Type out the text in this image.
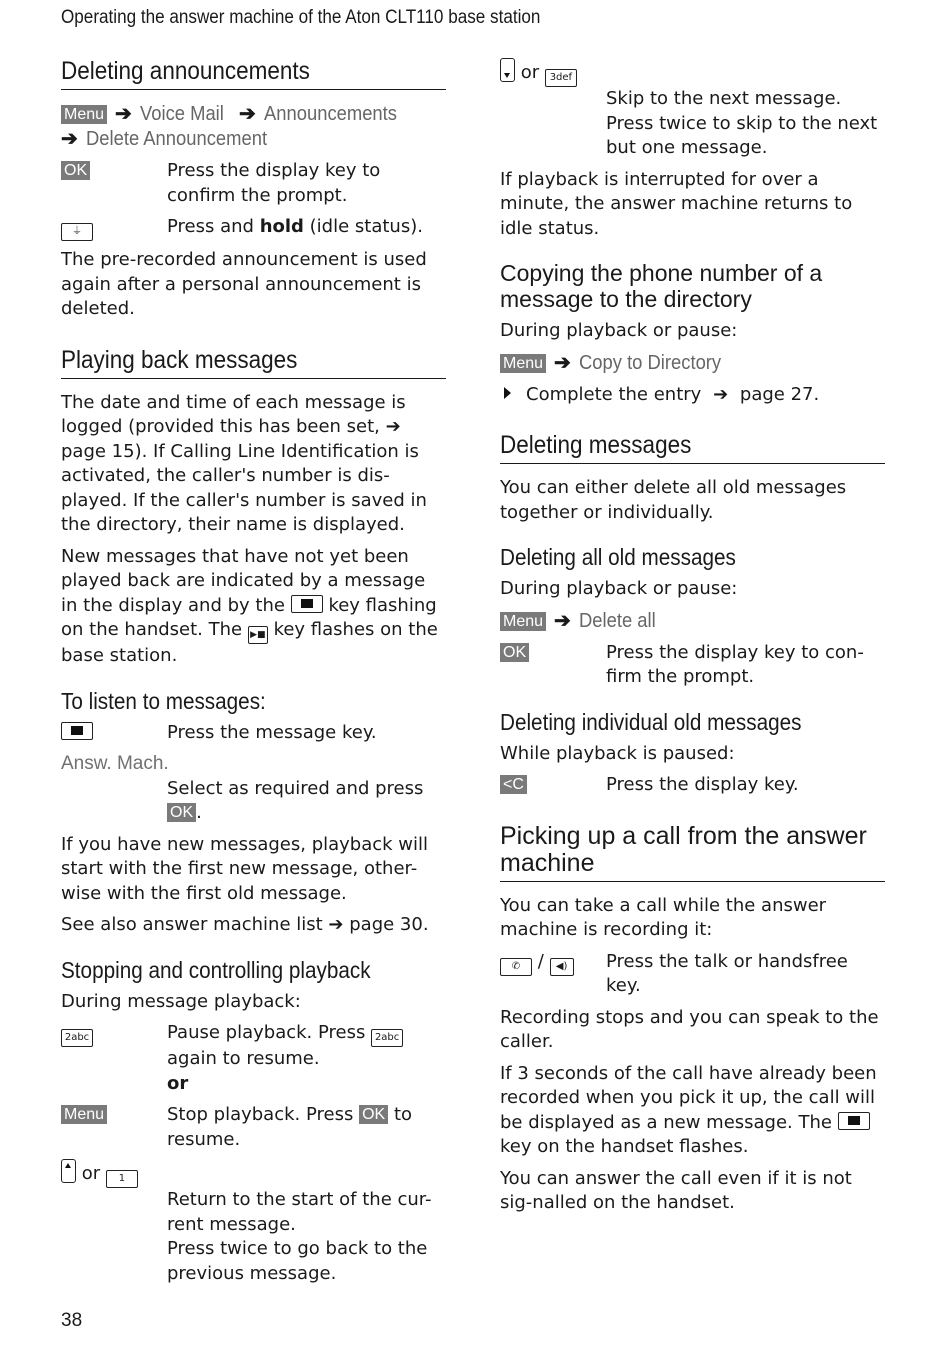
Operating the answer machine of the Aton CLT110 base station
Deleting announcements
Menu ➔ Voice Mail ➔ Announcements
➔ Delete Announcement
OK	Press the display key to confirm the prompt.
⏚	Press and hold (idle status).

The pre-recorded announcement is used again after a personal announcement is deleted.

Playing back messages

The date and time of each message is logged (provided this has been set, ➔ page 15). If Calling Line Identification is activated, the caller's number is dis-played. If the caller's number is saved in the directory, their name is displayed.

New messages that have not yet been played back are indicated by a message in the display and by the key flashing on the handset. The ▶■ key flashes on the base station.

To listen to messages:
Press the message key.
Answ. Mach.
Select as required and press
OK .

If you have new messages, playback will start with the first new message, other-wise with the first old message.

See also answer machine list ➔ page 30.

Stopping and controlling playback

During message playback:

2abc	Pause playback. Press 2abc
again to resume.
or
Menu	Stop playback. Press OK to resume.
or 1
Return to the start of the cur-rent message.
Press twice to go back to the previous message.
or 3def
Skip to the next message.
Press twice to skip to the next but one message.

If playback is interrupted for over a minute, the answer machine returns to idle status.

Copying the phone number of a message to the directory

During playback or pause:

Menu ➔ Copy to Directory

Complete the entry ➔ page 27.

Deleting messages

You can either delete all old messages together or individually.

Deleting all old messages

During playback or pause:

Menu ➔ Delete all
OK	Press the display key to con-firm the prompt.
Deleting individual old messages

While playback is paused:

<C	Press the display key.
Picking up a call from the answer machine

You can take a call while the answer machine is recording it:

✆ / ◀)	Press the talk or handsfree key.

Recording stops and you can speak to the caller.

If 3 seconds of the call have already been recorded when you pick it up, the call will be displayed as a new message. The  key on the handset flashes.

You can answer the call even if it is not sig-nalled on the handset.

38
